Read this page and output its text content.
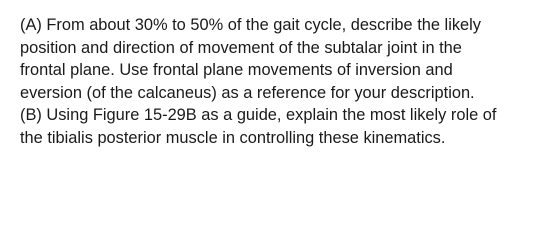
(A) From about 30% to 50% of the gait cycle, describe the likely
position and direction of movement of the subtalar joint in the
frontal plane. Use frontal plane movements of inversion and
eversion (of the calcaneus) as a reference for your description.
(B) Using Figure 15-29B as a guide, explain the most likely role of
the tibialis posterior muscle in controlling these kinematics.
